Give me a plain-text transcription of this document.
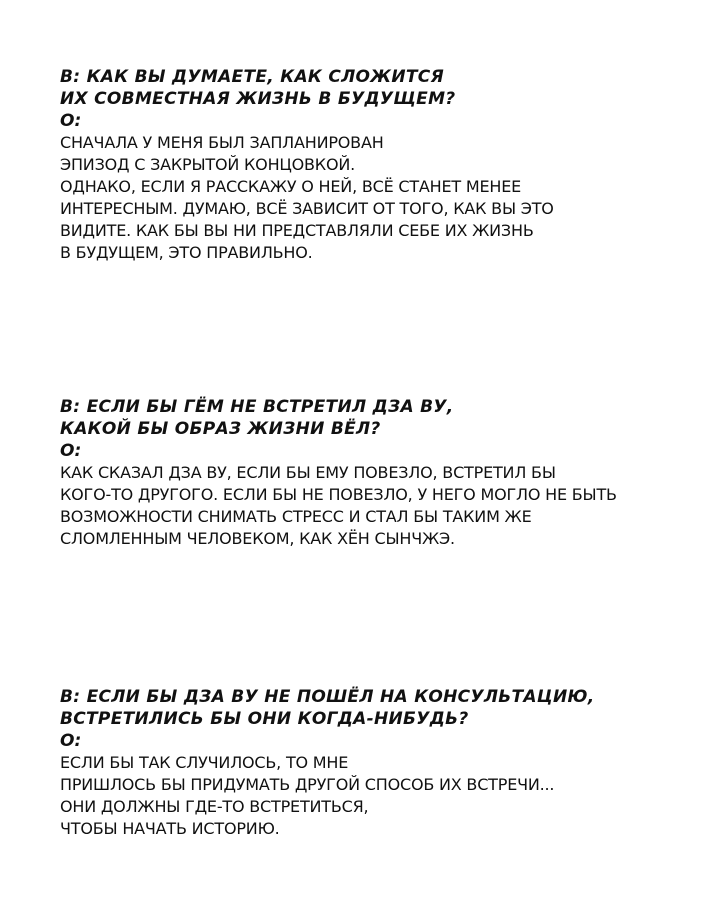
В: КАК ВЫ ДУМАЕТЕ, КАК СЛОЖИТСЯ
ИХ СОВМЕСТНАЯ ЖИЗНЬ В БУДУЩЕМ?
О:
СНАЧАЛА У МЕНЯ БЫЛ ЗАПЛАНИРОВАН
ЭПИЗОД С ЗАКРЫТОЙ КОНЦОВКОЙ.
ОДНАКО, ЕСЛИ Я РАССКАЖУ О НЕЙ, ВСЁ СТАНЕТ МЕНЕЕ
ИНТЕРЕСНЫМ. ДУМАЮ, ВСЁ ЗАВИСИТ ОТ ТОГО, КАК ВЫ ЭТО
ВИДИТЕ. КАК БЫ ВЫ НИ ПРЕДСТАВЛЯЛИ СЕБЕ ИХ ЖИЗНЬ
В БУДУЩЕМ, ЭТО ПРАВИЛЬНО.
В: ЕСЛИ БЫ ГЁМ НЕ ВСТРЕТИЛ ДЗА ВУ,
КАКОЙ БЫ ОБРАЗ ЖИЗНИ ВЁЛ?
О:
КАК СКАЗАЛ ДЗА ВУ, ЕСЛИ БЫ ЕМУ ПОВЕЗЛО, ВСТРЕТИЛ БЫ
КОГО-ТО ДРУГОГО. ЕСЛИ БЫ НЕ ПОВЕЗЛО, У НЕГО МОГЛО НЕ БЫТЬ
ВОЗМОЖНОСТИ СНИМАТЬ СТРЕСС И СТАЛ БЫ ТАКИМ ЖЕ
СЛОМЛЕННЫМ ЧЕЛОВЕКОМ, КАК ХЁН СЫНЧЖЭ.
В: ЕСЛИ БЫ ДЗА ВУ НЕ ПОШЁЛ НА КОНСУЛЬТАЦИЮ,
ВСТРЕТИЛИСЬ БЫ ОНИ КОГДА-НИБУДЬ?
О:
ЕСЛИ БЫ ТАК СЛУЧИЛОСЬ, ТО МНЕ
ПРИШЛОСЬ БЫ ПРИДУМАТЬ ДРУГОЙ СПОСОБ ИХ ВСТРЕЧИ...
ОНИ ДОЛЖНЫ ГДЕ-ТО ВСТРЕТИТЬСЯ,
ЧТОБЫ НАЧАТЬ ИСТОРИЮ.
